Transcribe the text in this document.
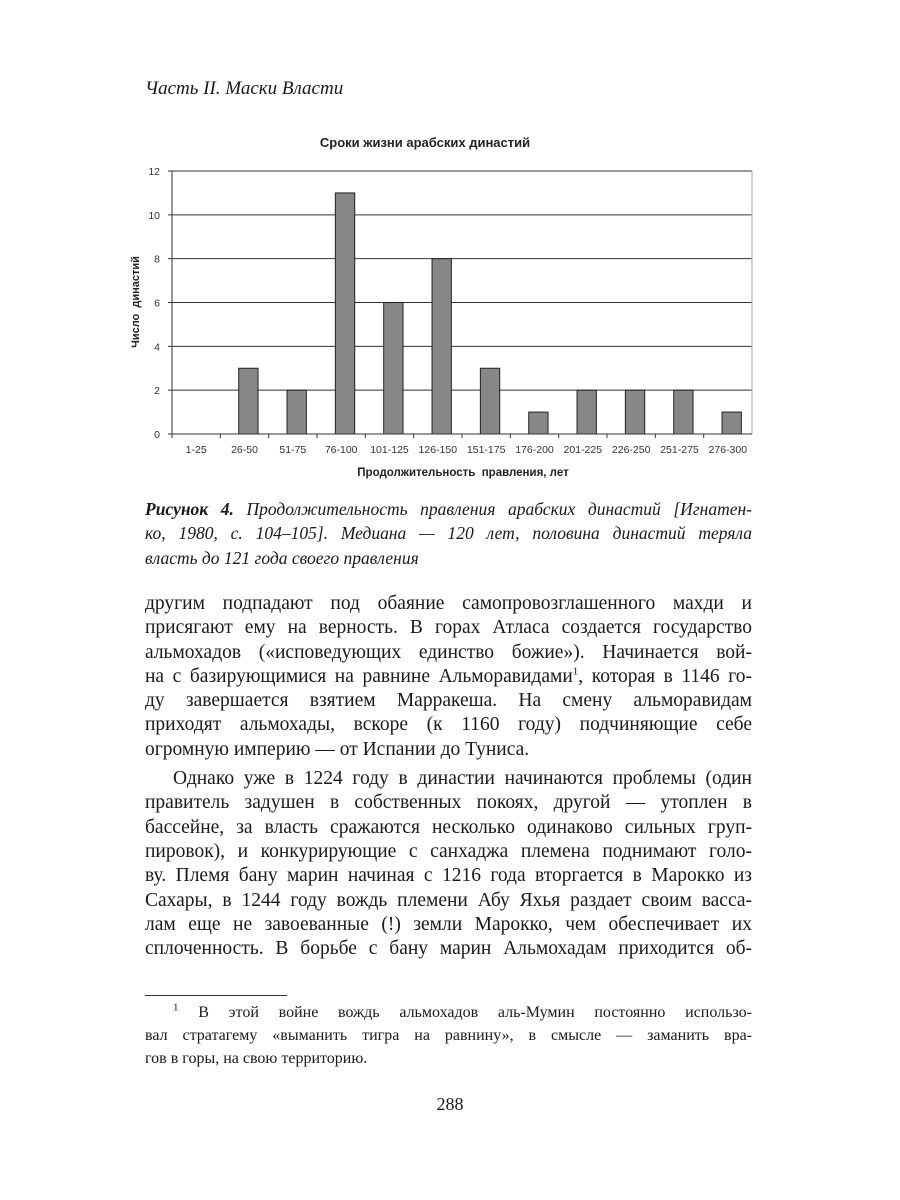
Часть II. Маски Власти
Сроки жизни арабских династий
0
2
4
6
8
10
12
1-25 26-50 51-75 76-100 101-125 126-150 151-175 176-200 201-225 226-250 251-275 276-300
Число  династий
Продолжительность  правления, лет
Рисунок 4. Продолжительность правления арабских династий [Игнатен-
ко, 1980, с. 104–105]. Медиана — 120 лет, половина династий теряла
власть до 121 года своего правления
другим подпадают под обаяние самопровозглашенного махди и
присягают ему на верность. В горах Атласа создается государство
альмохадов («исповедующих единство божие»). Начинается вой-
на с базирующимися на равнине Альморавидами$^1$, которая в 1146 го-
ду завершается взятием Марракеша. На смену альморавидам
приходят альмохады, вскоре (к 1160 году) подчиняющие себе
огромную империю — от Испании до Туниса.
Однако уже в 1224 году в династии начинаются проблемы (один
правитель задушен в собственных покоях, другой — утоплен в
бассейне, за власть сражаются несколько одинаково сильных груп-
пировок), и конкурирующие с санхаджа племена поднимают голо-
ву. Племя бану марин начиная с 1216 года вторгается в Марокко из
Сахары, в 1244 году вождь племени Абу Яхья раздает своим васса-
лам еще не завоеванные (!) земли Марокко, чем обеспечивает их
сплоченность. В борьбе с бану марин Альмохадам приходится об-
$^1$ В этой войне вождь альмохадов аль-Мумин постоянно использо-
вал стратагему «выманить тигра на равнину», в смысле — заманить вра-
гов в горы, на свою территорию.
288
